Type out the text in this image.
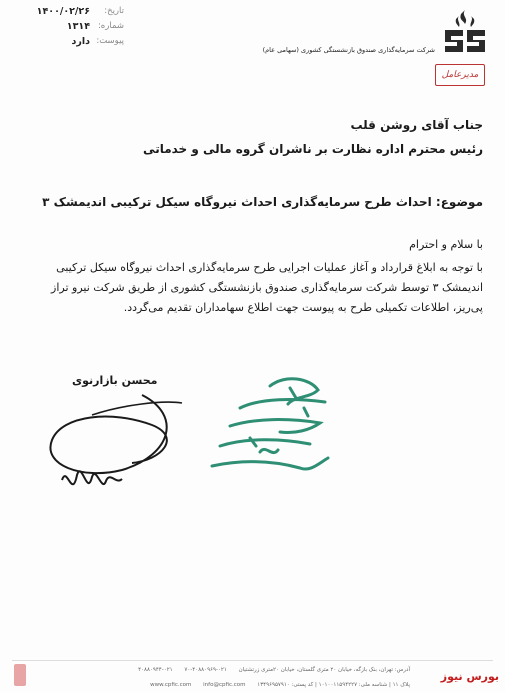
تاریخ:
۱۴۰۰/۰۲/۲۶
شماره:
۱۳۱۴
پیوست:
دارد
شرکت سرمایه‌گذاری صندوق بازنشستگی کشوری (سهامی عام)
مدیرعامل
جناب آقای روشن قلب
رئیس محترم اداره نظارت بر ناشران گروه مالی و خدماتی
موضوع: احداث طرح سرمایه‌گذاری احداث نیروگاه سیکل ترکیبی اندیمشک ۳
با سلام و احترام
با توجه به ابلاغ قرارداد و آغاز عملیات اجرایی طرح سرمایه‌گذاری احداث نیروگاه سیکل ترکیبی اندیمشک ۳ توسط شرکت سرمایه‌گذاری صندوق بازنشستگی کشوری از طریق شرکت نیرو تراز پی‌ریز، اطلاعات تکمیلی طرح به پیوست جهت اطلاع سهامداران تقدیم می‌گردد.
محسن بازارنوی
آدرس: تهران، بنک بازگه، خیابان ۲۰ متری گلستان، خیابان ۲۰متری زرتشتیان ۰۲۱-۴۰۸۸۰۹۶۹-۷۰ ۰۲۱-۴۰۸۸۰۹۴۴
پلاک ۱۱ | شناسه ملی: ۱۰۱۰۰۱۱۵۹۴۲۲۷ | کد پستی: ۱۳۴۹۶۹۵۷۹۱۰ www.cpfic.com info@cpfic.com
بورس نیوز
